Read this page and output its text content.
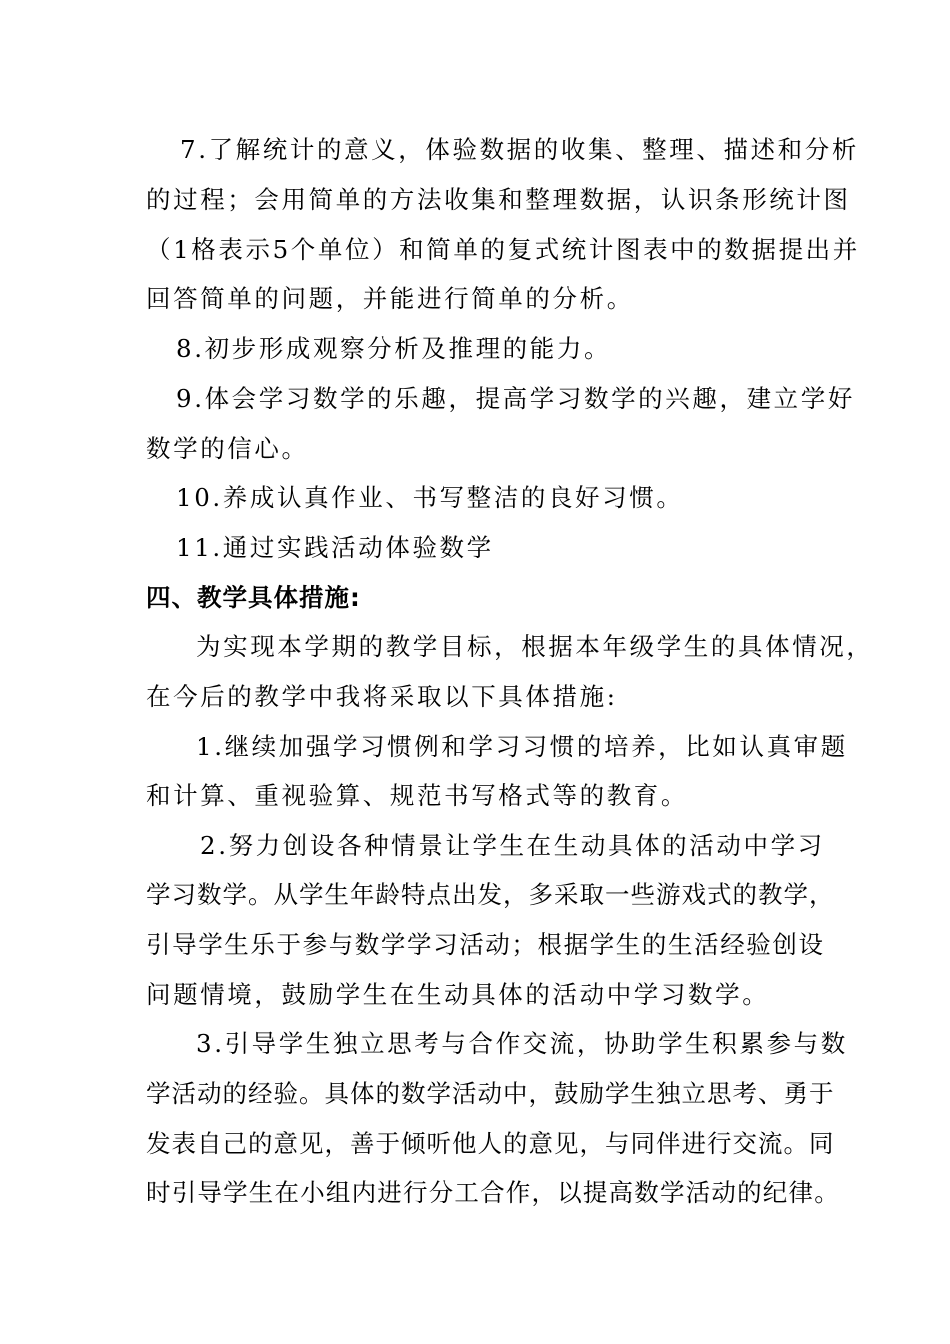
7.了解统计的意义，体验数据的收集、整理、描述和分析
的过程；会用简单的方法收集和整理数据，认识条形统计图
（1格表示5个单位）和简单的复式统计图表中的数据提出并
回答简单的问题，并能进行简单的分析。
8.初步形成观察分析及推理的能力。
9.体会学习数学的乐趣，提高学习数学的兴趣，建立学好
数学的信心。
10.养成认真作业、书写整洁的良好习惯。
11.通过实践活动体验数学
四、教学具体措施:
为实现本学期的教学目标，根据本年级学生的具体情况，
在今后的教学中我将采取以下具体措施:
1.继续加强学习惯例和学习习惯的培养，比如认真审题
和计算、重视验算、规范书写格式等的教育。
2.努力创设各种情景让学生在生动具体的活动中学习
学习数学。从学生年龄特点出发，多采取一些游戏式的教学，
引导学生乐于参与数学学习活动；根据学生的生活经验创设
问题情境，鼓励学生在生动具体的活动中学习数学。
3.引导学生独立思考与合作交流，协助学生积累参与数
学活动的经验。具体的数学活动中，鼓励学生独立思考、勇于
发表自己的意见，善于倾听他人的意见，与同伴进行交流。同
时引导学生在小组内进行分工合作，以提高数学活动的纪律。
